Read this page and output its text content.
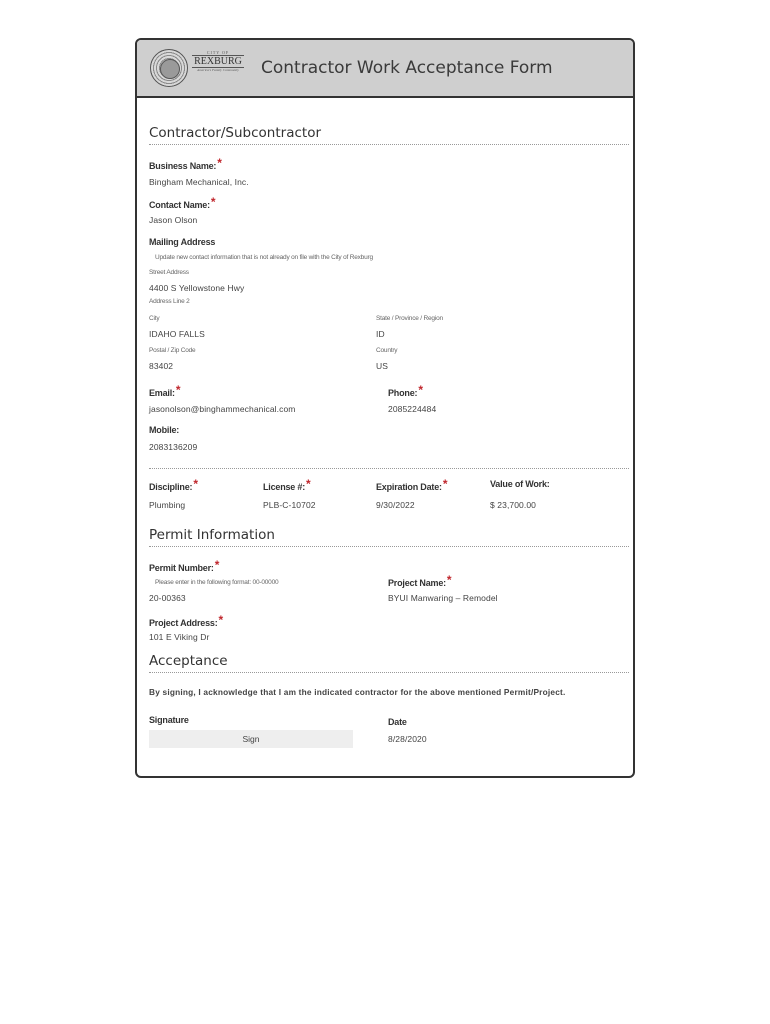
CITY OF
REXBURG
America's Family Community	Contractor Work Acceptance Form
Contractor/Subcontractor
Business Name:*
Bingham Mechanical, Inc.
Contact Name:*
Jason Olson
Mailing Address
Update new contact information that is not already on file with the City of Rexburg
Street Address
4400 S Yellowstone Hwy
Address Line 2
City
IDAHO FALLS
State / Province / Region
ID
Postal / Zip Code
83402
Country
US
Email:*
jasonolson@binghammechanical.com
Phone:*
2085224484
Mobile:
2083136209
Discipline:*
Plumbing
License #:*
PLB-C-10702
Expiration Date:*
9/30/2022
Value of Work:
$ 23,700.00
Permit Information
Permit Number:*
Please enter in the following format: 00-00000
20-00363
Project Name:*
BYUI Manwaring – Remodel
Project Address:*
101 E Viking Dr
Acceptance
By signing, I acknowledge that I am the indicated contractor for the above mentioned Permit/Project.
Signature
Sign
Date
8/28/2020
